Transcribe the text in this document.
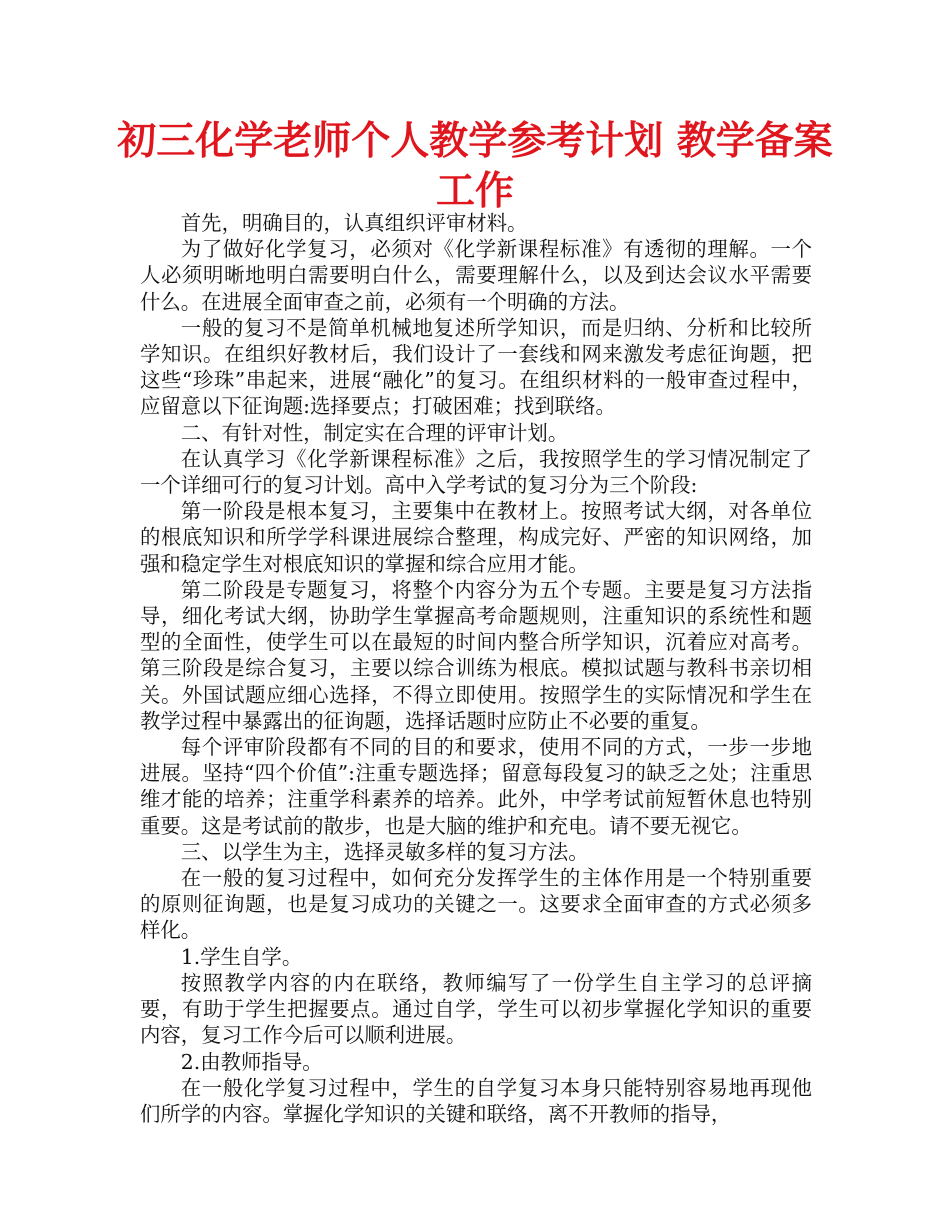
初三化学老师个人教学参考计划 教学备案工作

首先，明确目的，认真组织评审材料。

为了做好化学复习，必须对《化学新课程标准》有透彻的理解。一个人必须明晰地明白需要明白什么，需要理解什么，以及到达会议水平需要什么。在进展全面审查之前，必须有一个明确的方法。

一般的复习不是简单机械地复述所学知识，而是归纳、分析和比较所学知识。在组织好教材后，我们设计了一套线和网来激发考虑征询题，把这些“珍珠”串起来，进展“融化”的复习。在组织材料的一般审查过程中，应留意以下征询题:选择要点；打破困难；找到联络。

二、有针对性，制定实在合理的评审计划。

在认真学习《化学新课程标准》之后，我按照学生的学习情况制定了一个详细可行的复习计划。高中入学考试的复习分为三个阶段:

第一阶段是根本复习，主要集中在教材上。按照考试大纲，对各单位的根底知识和所学学科课进展综合整理，构成完好、严密的知识网络，加强和稳定学生对根底知识的掌握和综合应用才能。

第二阶段是专题复习，将整个内容分为五个专题。主要是复习方法指导，细化考试大纲，协助学生掌握高考命题规则，注重知识的系统性和题型的全面性，使学生可以在最短的时间内整合所学知识，沉着应对高考。第三阶段是综合复习，主要以综合训练为根底。模拟试题与教科书亲切相关。外国试题应细心选择，不得立即使用。按照学生的实际情况和学生在教学过程中暴露出的征询题，选择话题时应防止不必要的重复。

每个评审阶段都有不同的目的和要求，使用不同的方式，一步一步地进展。坚持“四个价值”:注重专题选择；留意每段复习的缺乏之处；注重思维才能的培养；注重学科素养的培养。此外，中学考试前短暂休息也特别重要。这是考试前的散步，也是大脑的维护和充电。请不要无视它。

三、以学生为主，选择灵敏多样的复习方法。

在一般的复习过程中，如何充分发挥学生的主体作用是一个特别重要的原则征询题，也是复习成功的关键之一。这要求全面审查的方式必须多样化。

1.学生自学。

按照教学内容的内在联络，教师编写了一份学生自主学习的总评摘要，有助于学生把握要点。通过自学，学生可以初步掌握化学知识的重要内容，复习工作今后可以顺利进展。

2.由教师指导。

在一般化学复习过程中，学生的自学复习本身只能特别容易地再现他们所学的内容。掌握化学知识的关键和联络，离不开教师的指导，
